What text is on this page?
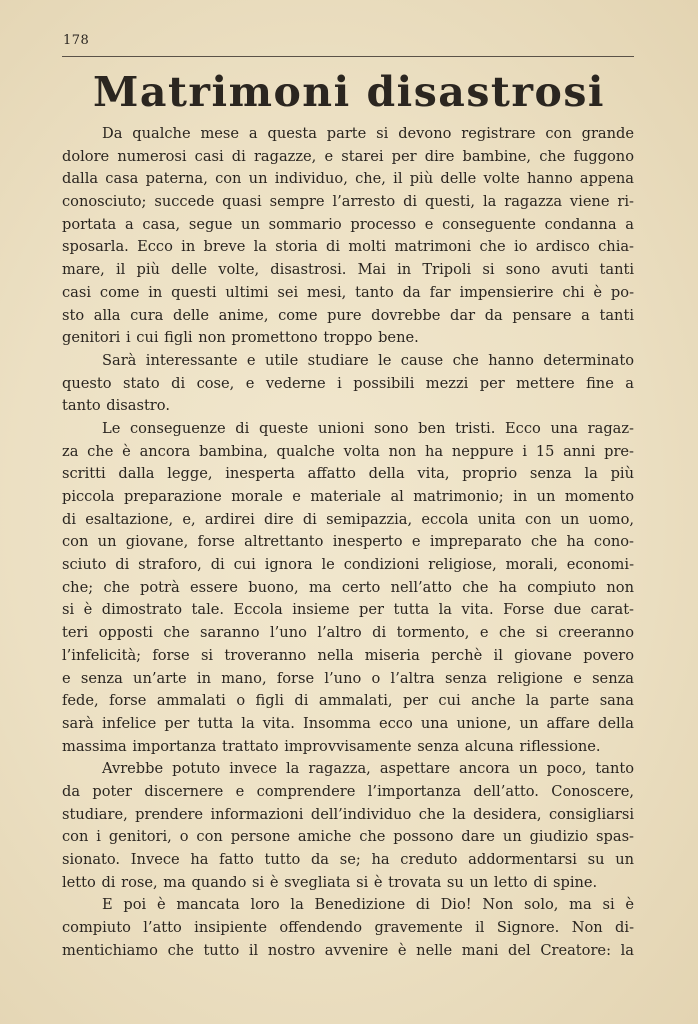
178
Matrimoni disastrosi
Da qualche mese a questa parte si devono registrare con grande
dolore numerosi casi di ragazze, e starei per dire bambine, che fuggono
dalla casa paterna, con un individuo, che, il più delle volte hanno appena
conosciuto; succede quasi sempre l’arresto di questi, la ragazza viene ri-
portata a casa, segue un sommario processo e conseguente condanna a
sposarla. Ecco in breve la storia di molti matrimoni che io ardisco chia-
mare, il più delle volte, disastrosi. Mai in Tripoli si sono avuti tanti
casi come in questi ultimi sei mesi, tanto da far impensierire chi è po-
sto alla cura delle anime, come pure dovrebbe dar da pensare a tanti
genitori i cui figli non promettono troppo bene.
Sarà interessante e utile studiare le cause che hanno determinato
questo stato di cose, e vederne i possibili mezzi per mettere fine a
tanto disastro.
Le conseguenze di queste unioni sono ben tristi. Ecco una ragaz-
za che è ancora bambina, qualche volta non ha neppure i 15 anni pre-
scritti dalla legge, inesperta affatto della vita, proprio senza la più
piccola preparazione morale e materiale al matrimonio; in un momento
di esaltazione, e, ardirei dire di semipazzia, eccola unita con un uomo,
con un giovane, forse altrettanto inesperto e impreparato che ha cono-
sciuto di straforo, di cui ignora le condizioni religiose, morali, economi-
che; che potrà essere buono, ma certo nell’atto che ha compiuto non
si è dimostrato tale. Eccola insieme per tutta la vita. Forse due carat-
teri opposti che saranno l’uno l’altro di tormento, e che si creeranno
l’infelicità; forse si troveranno nella miseria perchè il giovane povero
e senza un’arte in mano, forse l’uno o l’altra senza religione e senza
fede, forse ammalati o figli di ammalati, per cui anche la parte sana
sarà infelice per tutta la vita. Insomma ecco una unione, un affare della
massima importanza trattato improvvisamente senza alcuna riflessione.
Avrebbe potuto invece la ragazza, aspettare ancora un poco, tanto
da poter discernere e comprendere l’importanza dell’atto. Conoscere,
studiare, prendere informazioni dell’individuo che la desidera, consigliarsi
con i genitori, o con persone amiche che possono dare un giudizio spas-
sionato. Invece ha fatto tutto da se; ha creduto addormentarsi su un
letto di rose, ma quando si è svegliata si è trovata su un letto di spine.
E poi è mancata loro la Benedizione di Dio! Non solo, ma si è
compiuto l’atto insipiente offendendo gravemente il Signore. Non di-
mentichiamo che tutto il nostro avvenire è nelle mani del Creatore: la
